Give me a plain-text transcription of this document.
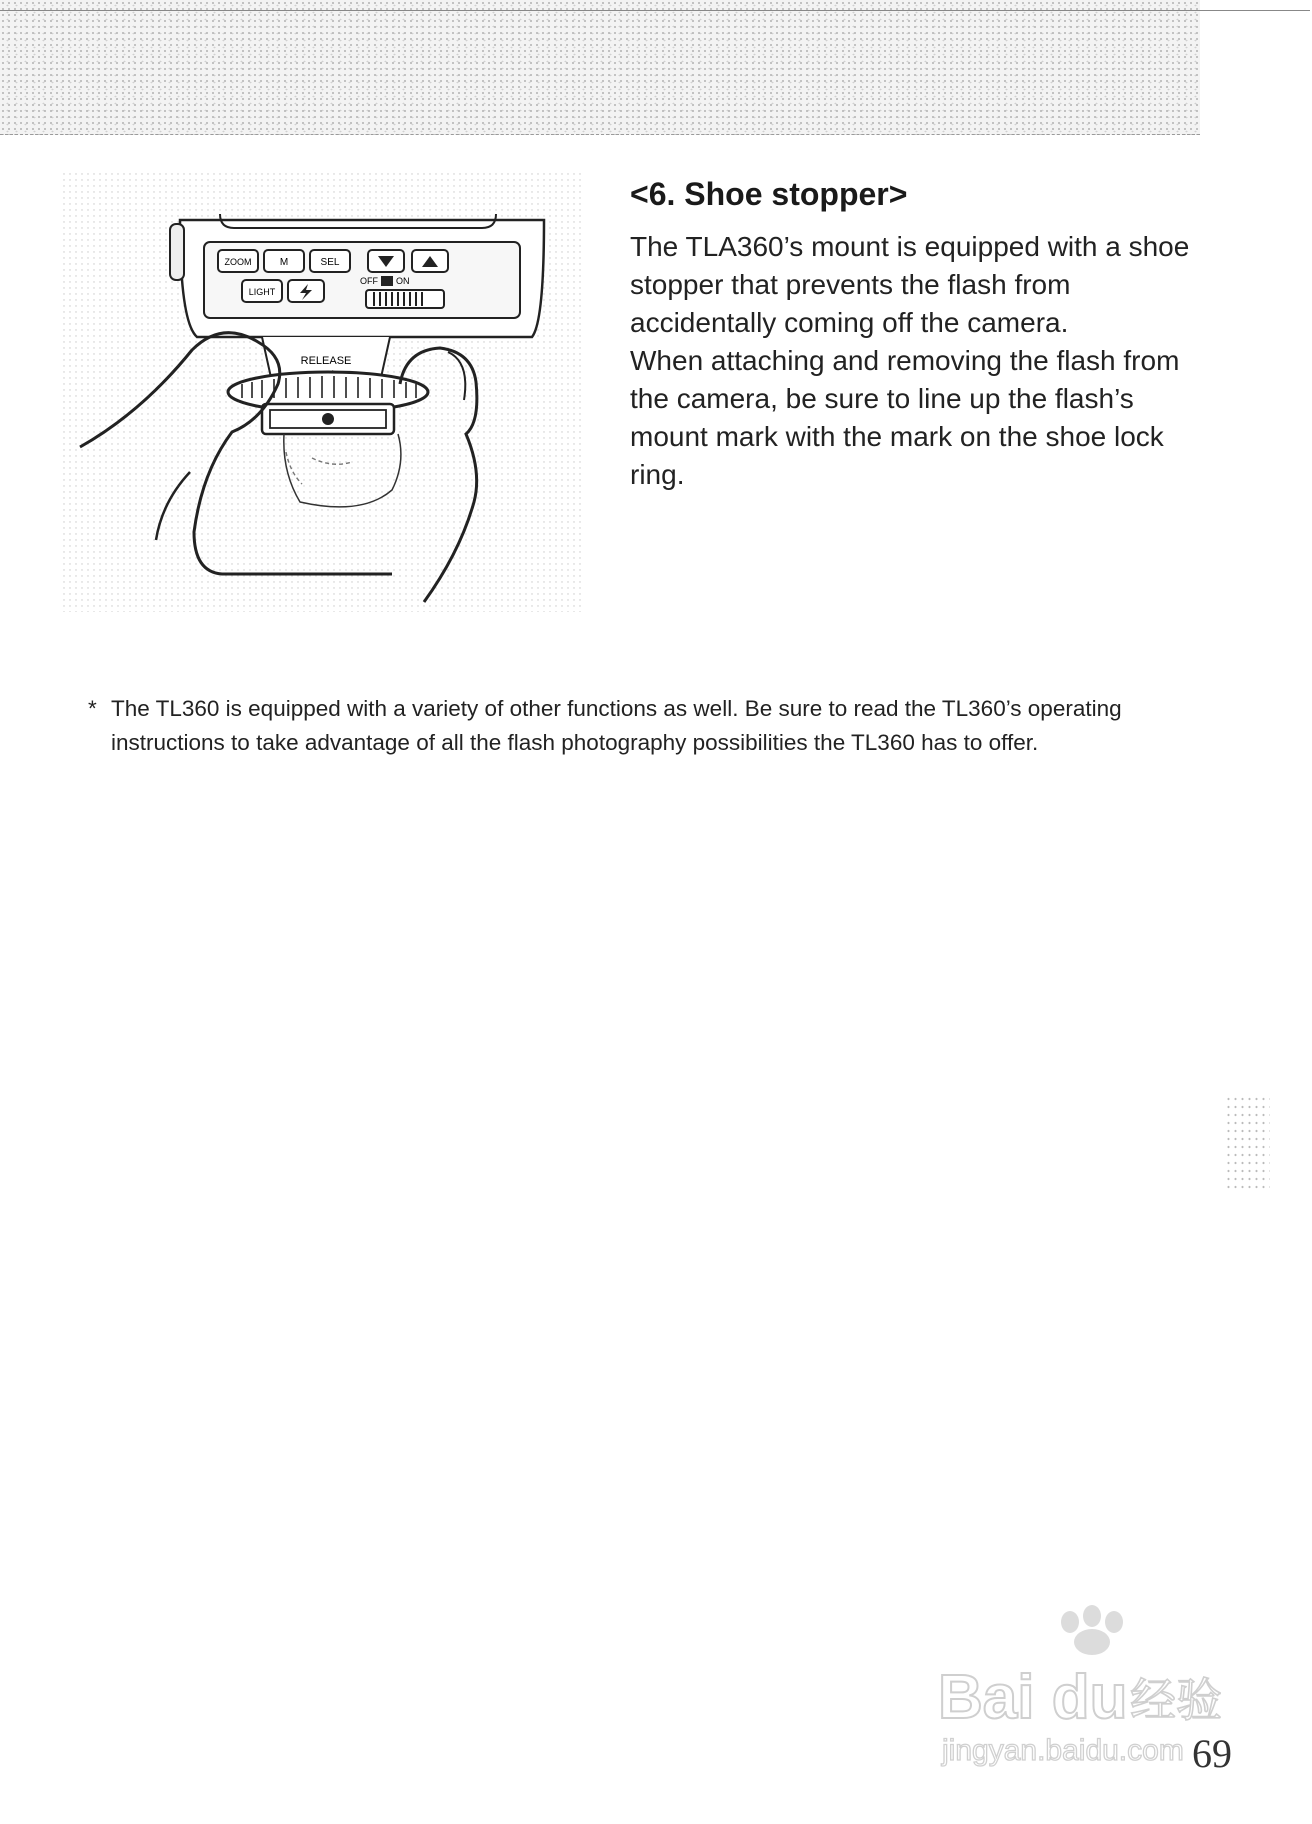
ZOOM	M	SEL
LIGHT
OFF ON
RELEASE
<6. Shoe stopper>

The TLA360’s mount is equipped with a shoe stopper that prevents the flash from accidentally coming off the camera.

When attaching and removing the flash from the camera, be sure to line up the flash’s mount mark with the mark on the shoe lock ring.

* The TL360 is equipped with a variety of other functions as well. Be sure to read the TL360’s operating instructions to take advantage of all the flash photography possibilities the TL360 has to offer.
Bai du 经验
jingyan.baidu.com 69
